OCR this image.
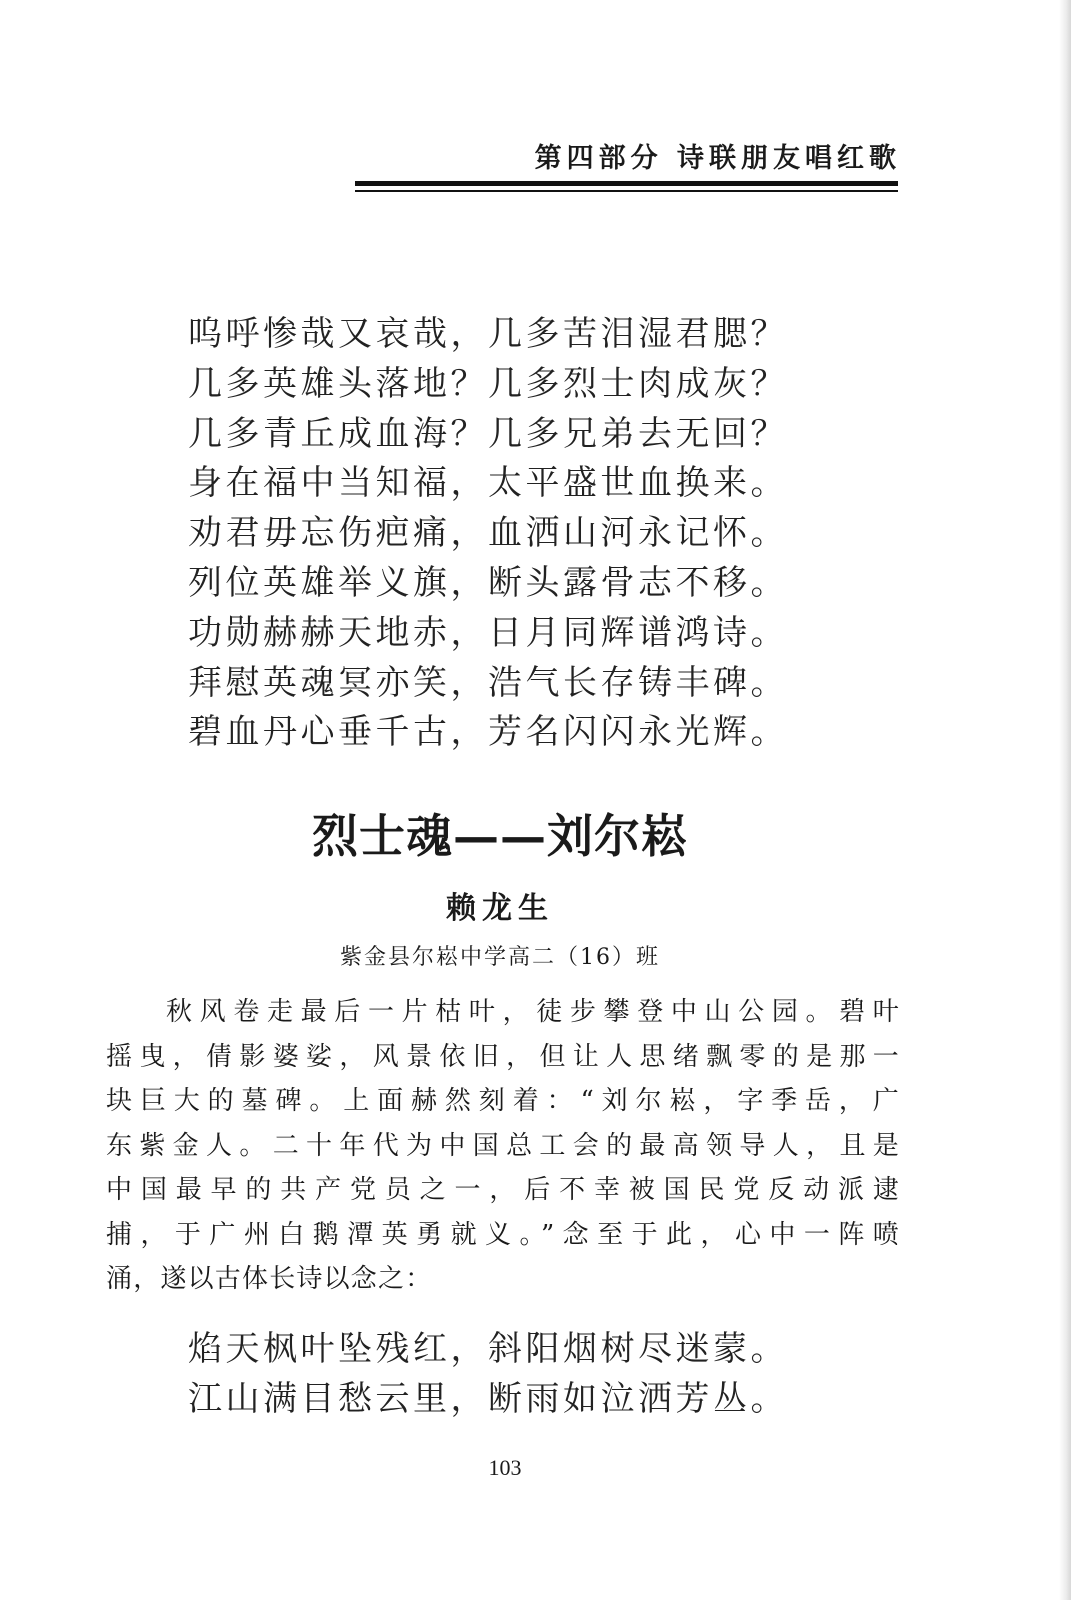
第四部分 诗联朋友唱红歌
呜呼惨哉又哀哉，几多苦泪湿君腮？
几多英雄头落地？几多烈士肉成灰？
几多青丘成血海？几多兄弟去无回？
身在福中当知福，太平盛世血换来。
劝君毋忘伤疤痛，血洒山河永记怀。
列位英雄举义旗，断头露骨志不移。
功勋赫赫天地赤，日月同辉谱鸿诗。
拜慰英魂冥亦笑，浩气长存铸丰碑。
碧血丹心垂千古，芳名闪闪永光辉。
烈士魂——刘尔崧
赖龙生
紫金县尔崧中学高二（16）班
秋风卷走最后一片枯叶，徒步攀登中山公园。碧叶
摇曳，倩影婆娑，风景依旧，但让人思绪飘零的是那一
块巨大的墓碑。上面赫然刻着：“刘尔崧，字季岳，广
东紫金人。二十年代为中国总工会的最高领导人，且是
中国最早的共产党员之一，后不幸被国民党反动派逮
捕，于广州白鹅潭英勇就义。”念至于此，心中一阵喷
涌，遂以古体长诗以念之：
焰天枫叶坠残红，斜阳烟树尽迷蒙。
江山满目愁云里，断雨如泣洒芳丛。
103
